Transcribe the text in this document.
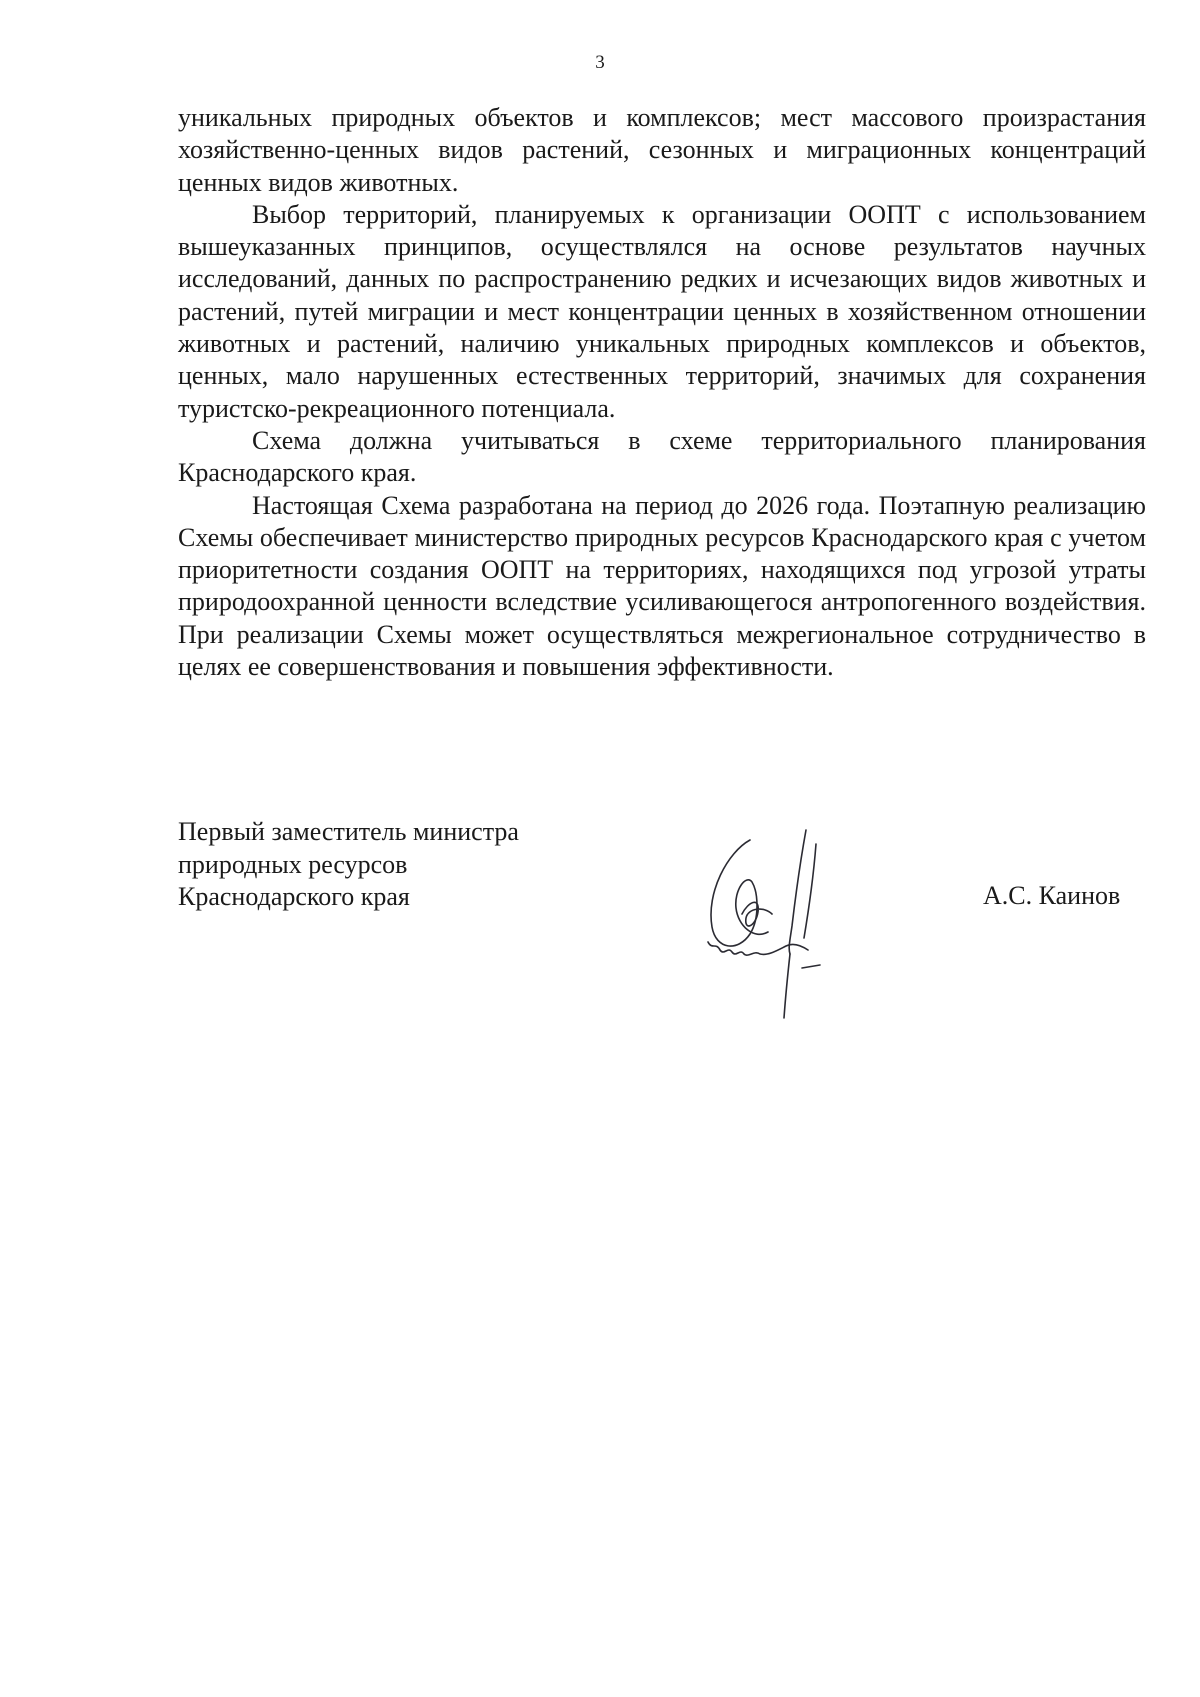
3

уникальных природных объектов и комплексов; мест массового произрастания хозяйственно-ценных видов растений, сезонных и миграционных концентраций ценных видов животных.

Выбор территорий, планируемых к организации ООПТ с использованием вышеуказанных принципов, осуществлялся на основе результатов научных исследований, данных по распространению редких и исчезающих видов животных и растений, путей миграции и мест концентрации ценных в хозяйственном отношении животных и растений, наличию уникальных природных комплексов и объектов, ценных, мало нарушенных естественных территорий, значимых для сохранения туристско-рекреационного потенциала.

Схема должна учитываться в схеме территориального планирования Краснодарского края.

Настоящая Схема разработана на период до 2026 года. Поэтапную реализацию Схемы обеспечивает министерство природных ресурсов Краснодарского края с учетом приоритетности создания ООПТ на территориях, находящихся под угрозой утраты природоохранной ценности вследствие усиливающегося антропогенного воздействия. При реализации Схемы может осуществляться межрегиональное сотрудничество в целях ее совершенствования и повышения эффективности.

Первый заместитель министра
природных ресурсов
Краснодарского края	А.С. Каинов
